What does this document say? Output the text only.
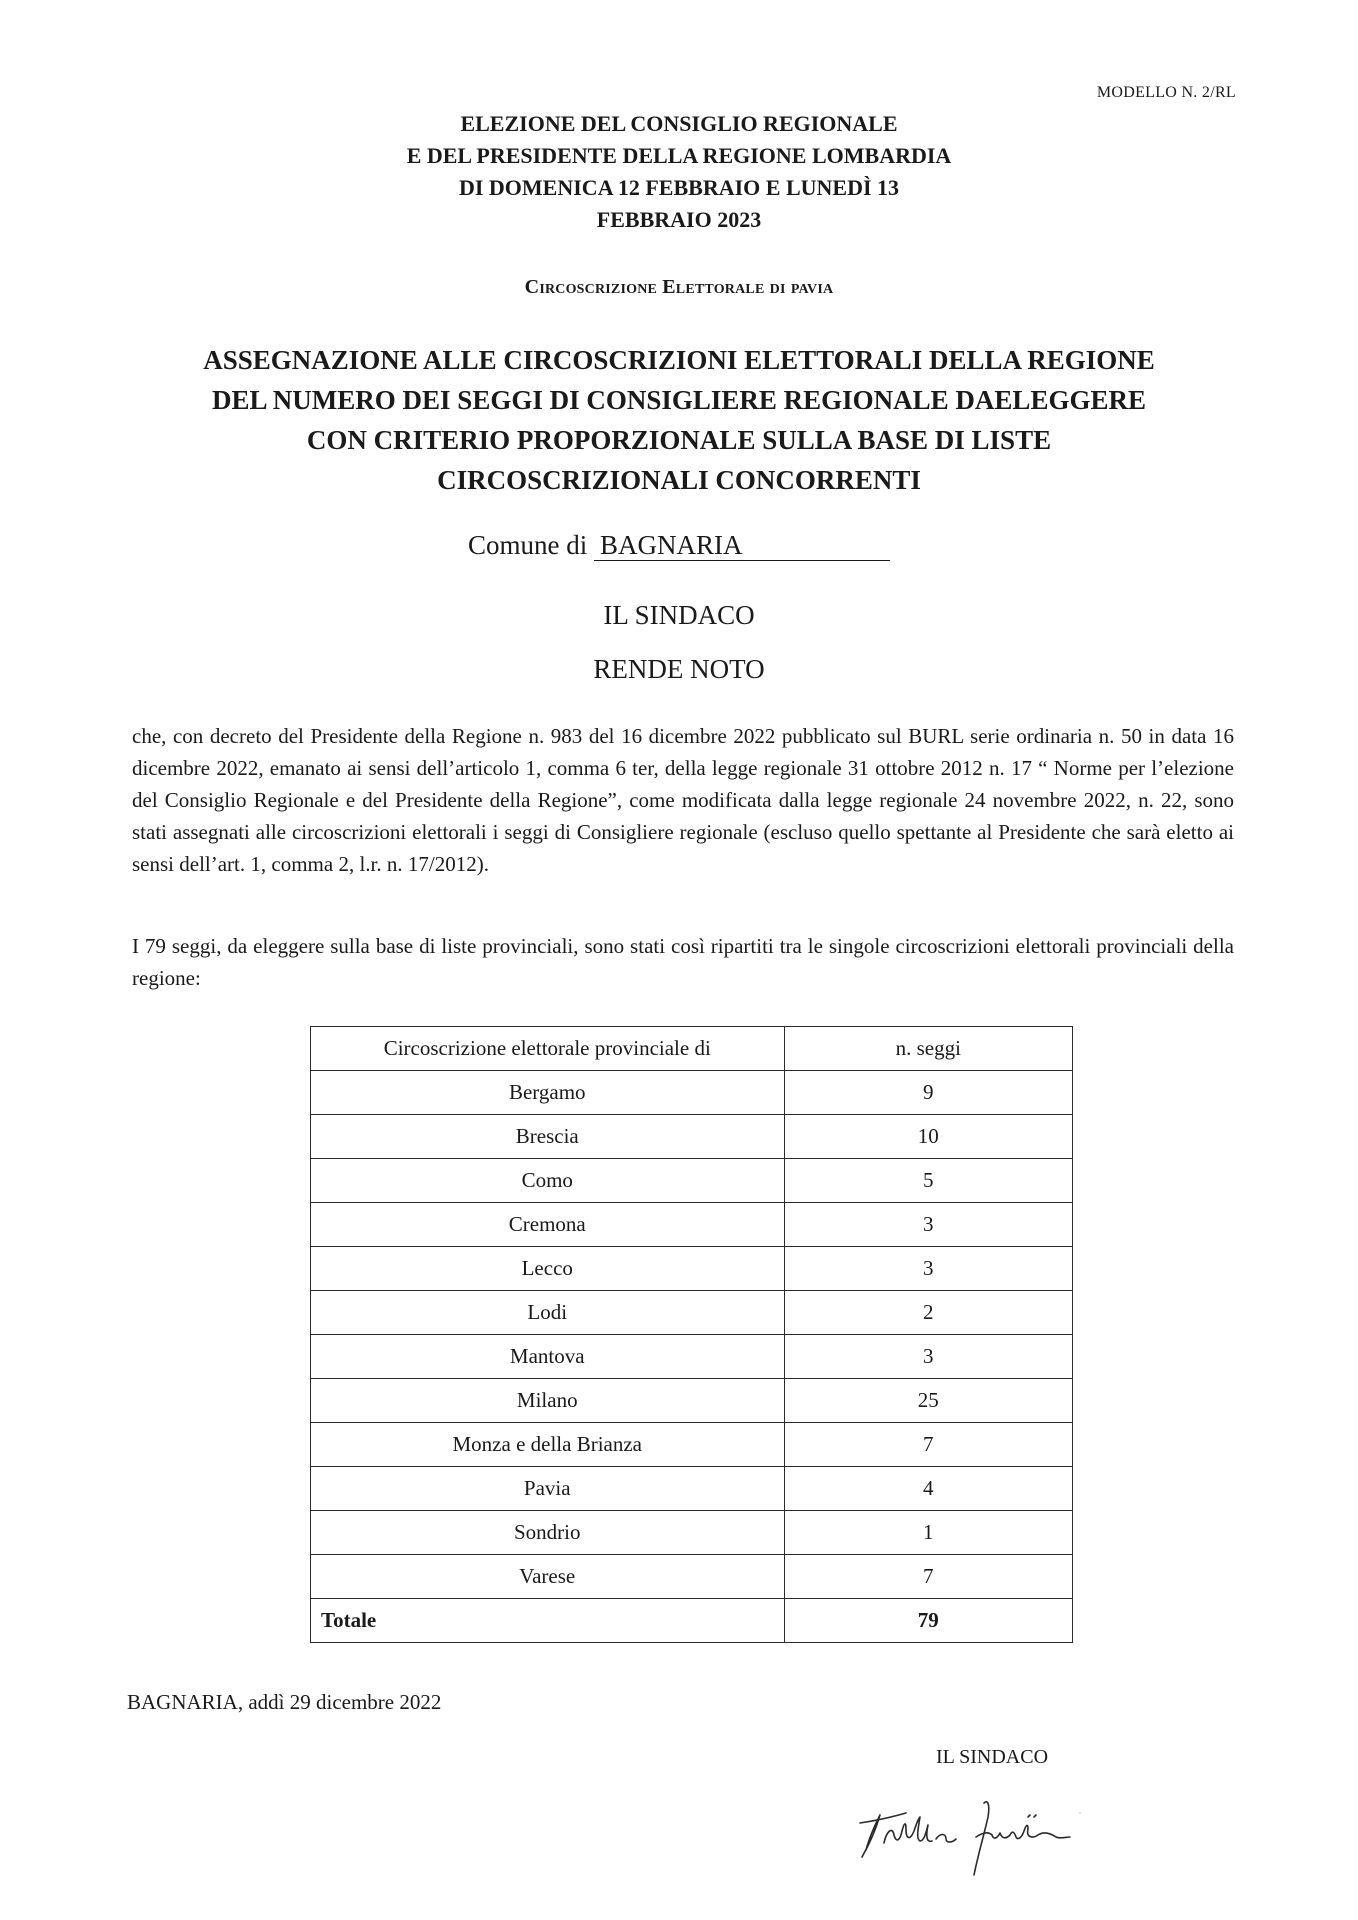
MODELLO N. 2/RL
ELEZIONE DEL CONSIGLIO REGIONALE
E DEL PRESIDENTE DELLA REGIONE LOMBARDIA
DI DOMENICA 12 FEBBRAIO E LUNEDÌ 13
FEBBRAIO 2023
Circoscrizione Elettorale di pavia
ASSEGNAZIONE ALLE CIRCOSCRIZIONI ELETTORALI DELLA REGIONE
DEL NUMERO DEI SEGGI DI CONSIGLIERE REGIONALE DAELEGGERE
CON CRITERIO PROPORZIONALE SULLA BASE DI LISTE
CIRCOSCRIZIONALI CONCORRENTI
Comune di BAGNARIA
IL SINDACO
RENDE NOTO
che, con decreto del Presidente della Regione n. 983 del 16 dicembre 2022 pubblicato sul BURL serie ordinaria n. 50 in data 16 dicembre 2022, emanato ai sensi dell’articolo 1, comma 6 ter, della legge regionale 31 ottobre 2012 n. 17 “ Norme per l’elezione del Consiglio Regionale e del Presidente della Regione”, come modificata dalla legge regionale 24 novembre 2022, n. 22, sono stati assegnati alle circoscrizioni elettorali i seggi di Consigliere regionale (escluso quello spettante al Presidente che sarà eletto ai sensi dell’art. 1, comma 2, l.r. n. 17/2012).
I 79 seggi, da eleggere sulla base di liste provinciali, sono stati così ripartiti tra le singole circoscrizioni elettorali provinciali della regione:
Circoscrizione elettorale provinciale di	n. seggi
Bergamo	9
Brescia	10
Como	5
Cremona	3
Lecco	3
Lodi	2
Mantova	3
Milano	25
Monza e della Brianza	7
Pavia	4
Sondrio	1
Varese	7
Totale	79
BAGNARIA, addì 29 dicembre 2022
IL SINDACO
